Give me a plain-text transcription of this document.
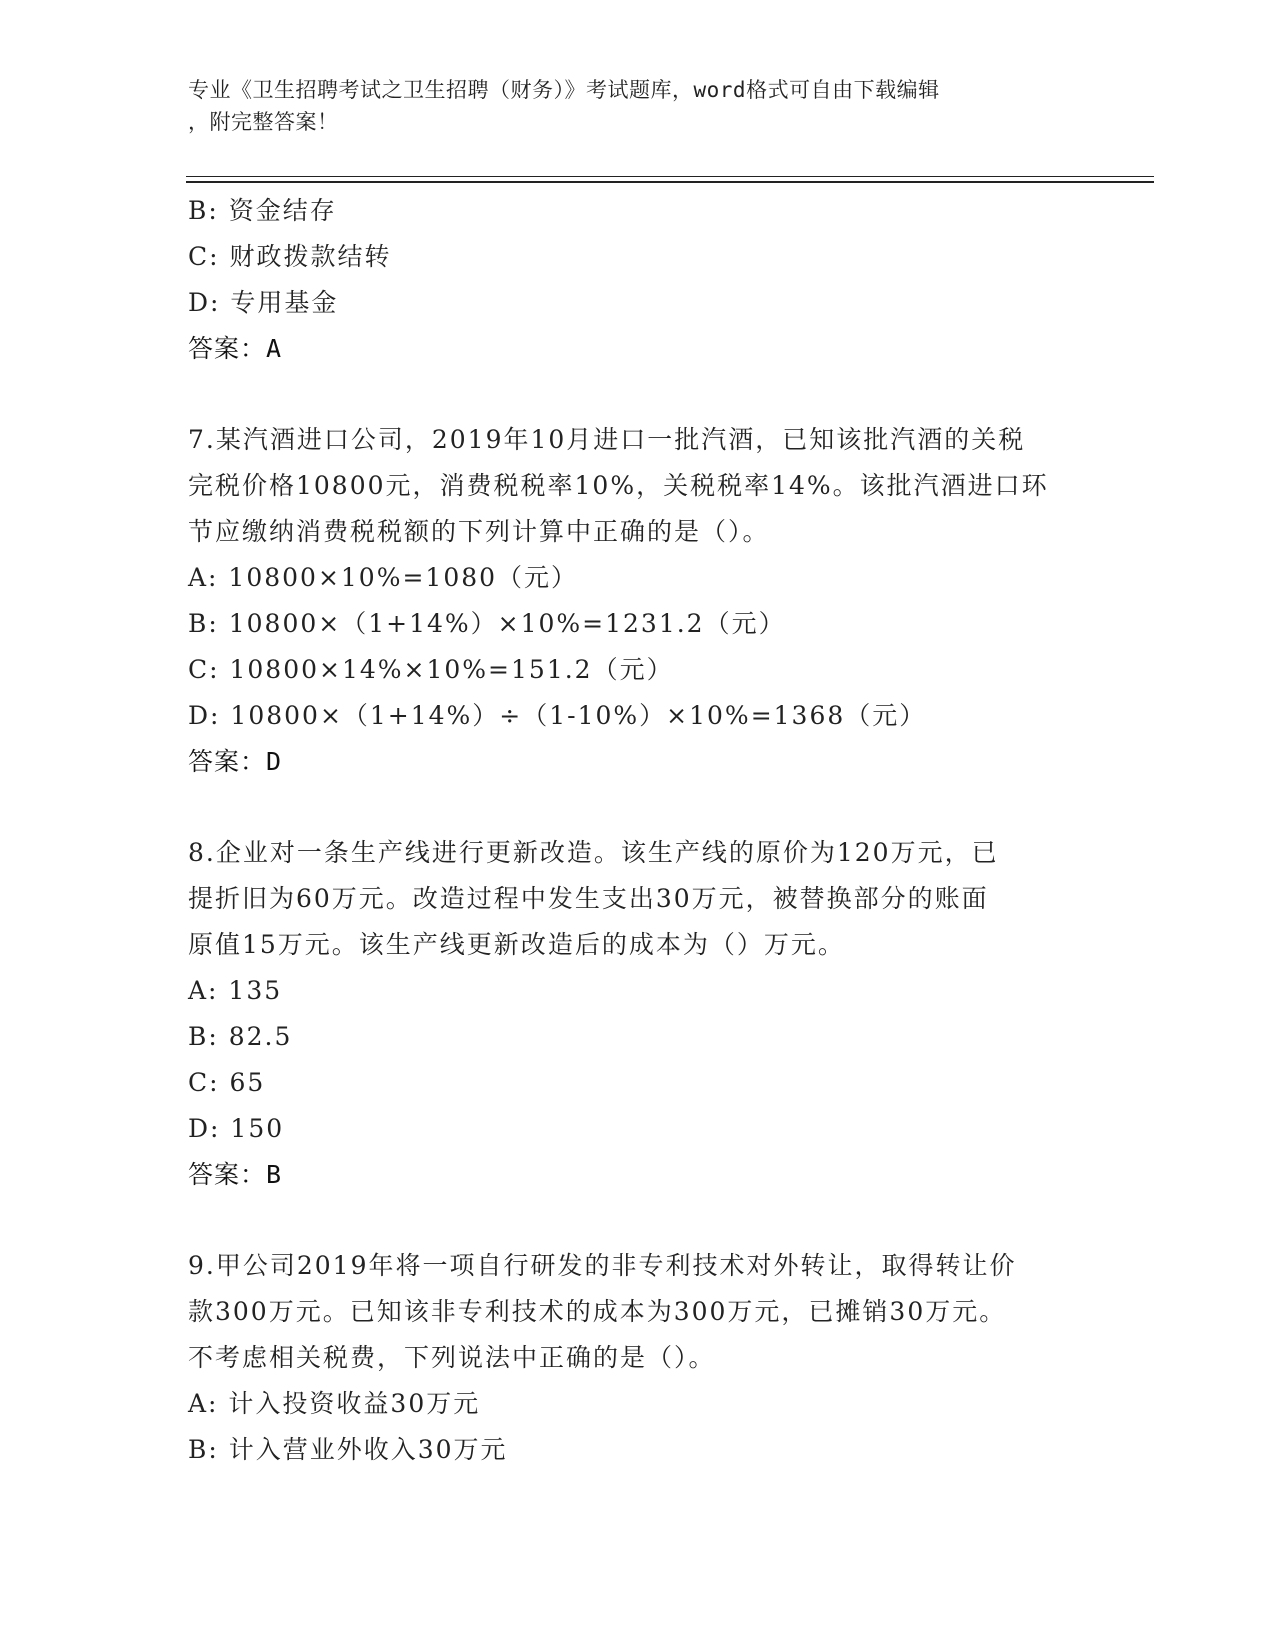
专业《卫生招聘考试之卫生招聘（财务）》考试题库，word格式可自由下载编辑
，附完整答案！
B: 资金结存
C: 财政拨款结转
D: 专用基金
答案：A
7.某汽酒进口公司，2019年10月进口一批汽酒，已知该批汽酒的关税
完税价格10800元，消费税税率10%，关税税率14%。该批汽酒进口环
节应缴纳消费税税额的下列计算中正确的是（）。
A: 10800×10%=1080（元）
B: 10800×（1+14%）×10%=1231.2（元）
C: 10800×14%×10%=151.2（元）
D: 10800×（1+14%）÷（1-10%）×10%=1368（元）
答案：D
8.企业对一条生产线进行更新改造。该生产线的原价为120万元，已
提折旧为60万元。改造过程中发生支出30万元，被替换部分的账面
原值15万元。该生产线更新改造后的成本为（）万元。
A: 135
B: 82.5
C: 65
D: 150
答案：B
9.甲公司2019年将一项自行研发的非专利技术对外转让，取得转让价
款300万元。已知该非专利技术的成本为300万元，已摊销30万元。
不考虑相关税费，下列说法中正确的是（）。
A: 计入投资收益30万元
B: 计入营业外收入30万元
